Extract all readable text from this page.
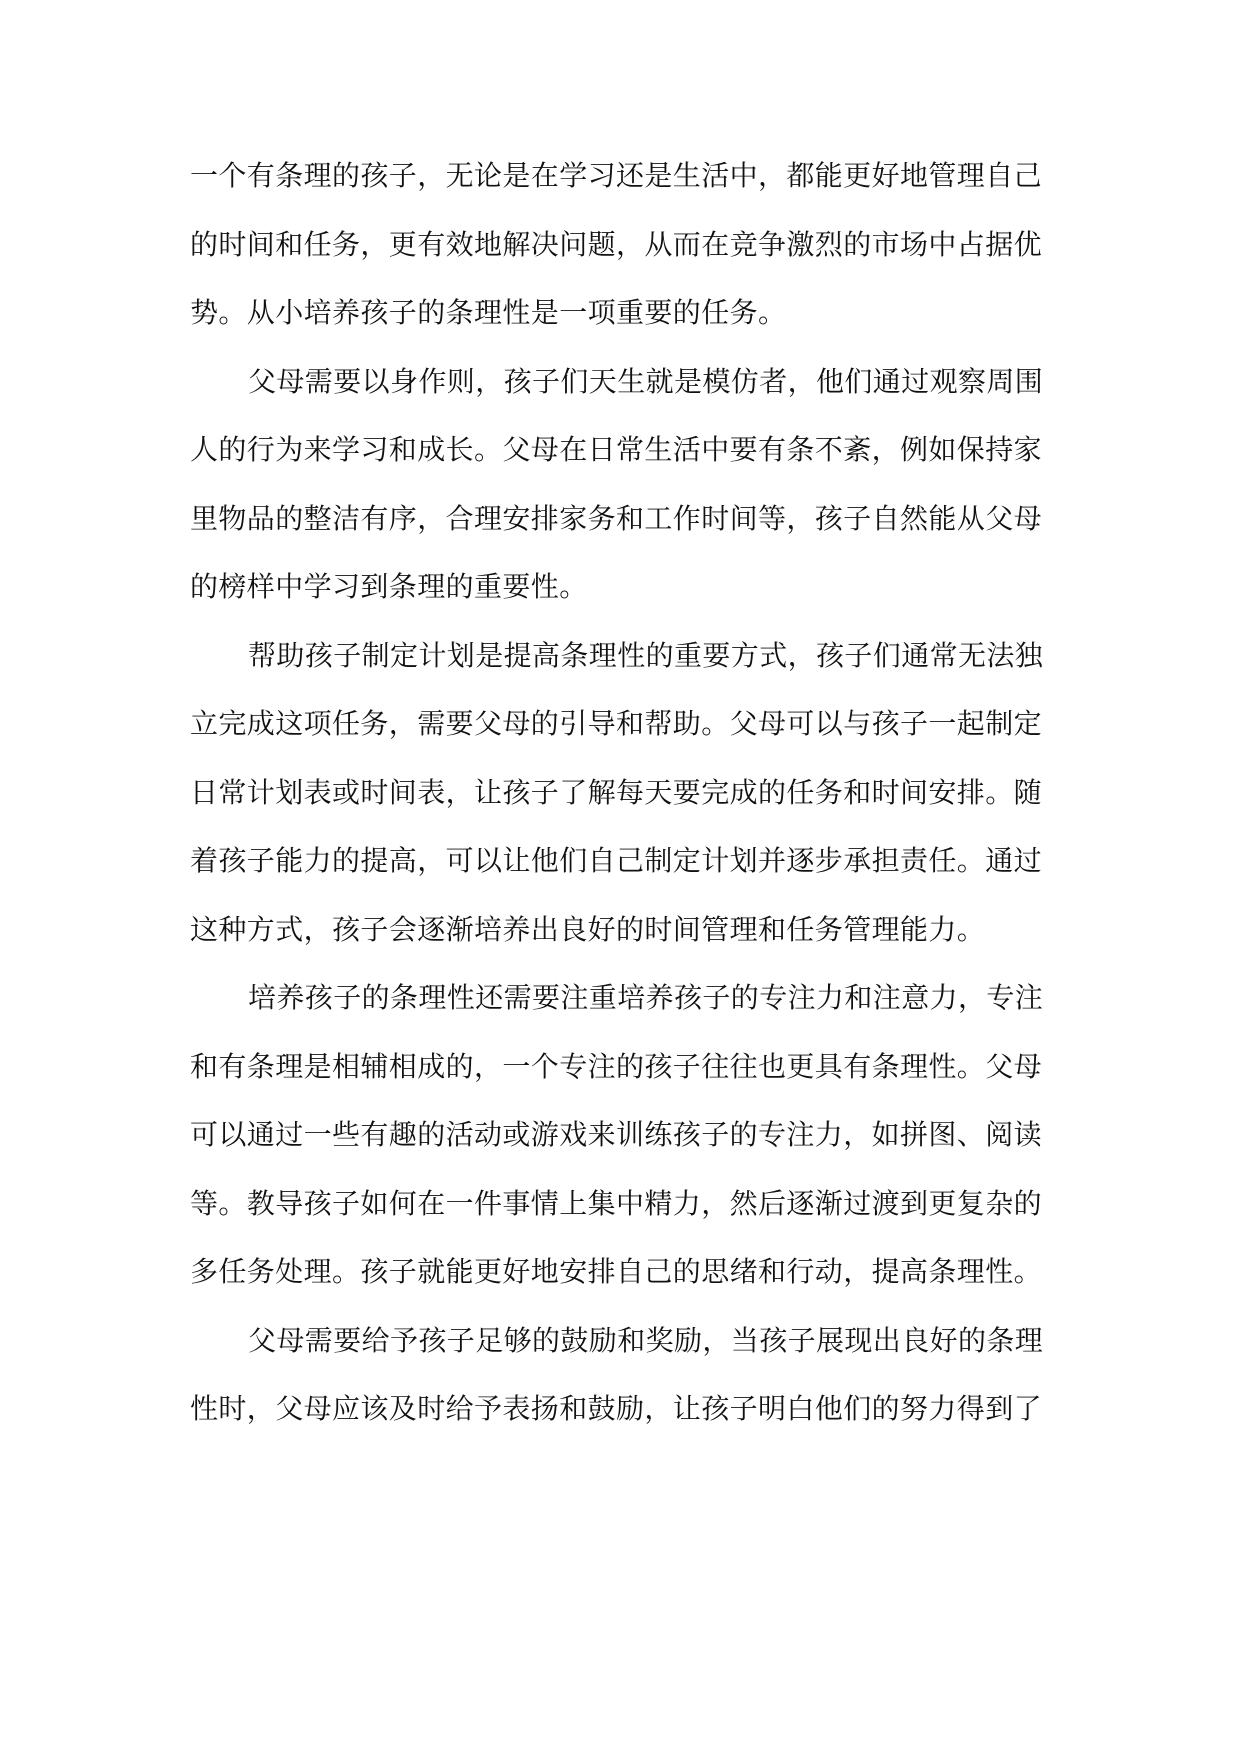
一个有条理的孩子，无论是在学习还是生活中，都能更好地管理自己
的时间和任务，更有效地解决问题，从而在竞争激烈的市场中占据优
势。从小培养孩子的条理性是一项重要的任务。
父母需要以身作则，孩子们天生就是模仿者，他们通过观察周围
人的行为来学习和成长。父母在日常生活中要有条不紊，例如保持家
里物品的整洁有序，合理安排家务和工作时间等，孩子自然能从父母
的榜样中学习到条理的重要性。
帮助孩子制定计划是提高条理性的重要方式，孩子们通常无法独
立完成这项任务，需要父母的引导和帮助。父母可以与孩子一起制定
日常计划表或时间表，让孩子了解每天要完成的任务和时间安排。随
着孩子能力的提高，可以让他们自己制定计划并逐步承担责任。通过
这种方式，孩子会逐渐培养出良好的时间管理和任务管理能力。
培养孩子的条理性还需要注重培养孩子的专注力和注意力，专注
和有条理是相辅相成的，一个专注的孩子往往也更具有条理性。父母
可以通过一些有趣的活动或游戏来训练孩子的专注力，如拼图、阅读
等。教导孩子如何在一件事情上集中精力，然后逐渐过渡到更复杂的
多任务处理。孩子就能更好地安排自己的思绪和行动，提高条理性。
父母需要给予孩子足够的鼓励和奖励，当孩子展现出良好的条理
性时，父母应该及时给予表扬和鼓励，让孩子明白他们的努力得到了
